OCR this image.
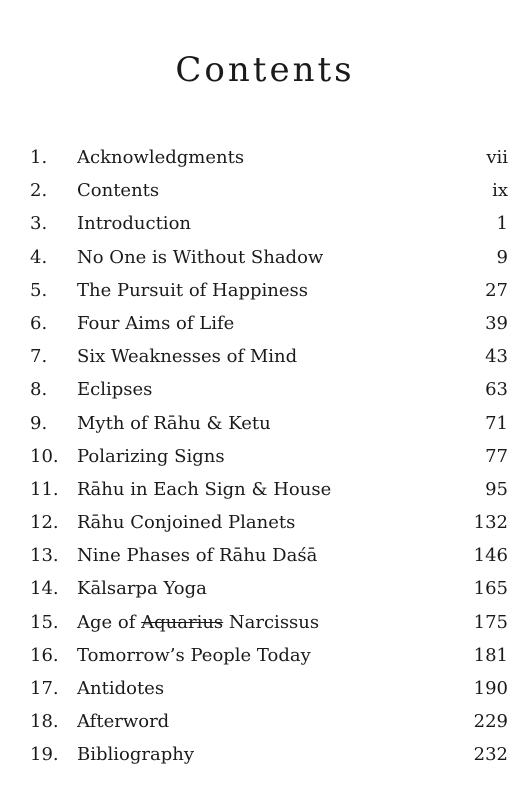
Contents
1. Acknowledgments	vii
2. Contents	ix
3. Introduction	1
4. No One is Without Shadow	9
5. The Pursuit of Happiness	27
6. Four Aims of Life	39
7. Six Weaknesses of Mind	43
8. Eclipses	63
9. Myth of Rāhu & Ketu	71
10. Polarizing Signs	77
11. Rāhu in Each Sign & House	95
12. Rāhu Conjoined Planets	132
13. Nine Phases of Rāhu Daśā	146
14. Kālsarpa Yoga	165
15. Age of Aquarius Narcissus	175
16. Tomorrow’s People Today	181
17. Antidotes	190
18. Afterword	229
19. Bibliography	232
